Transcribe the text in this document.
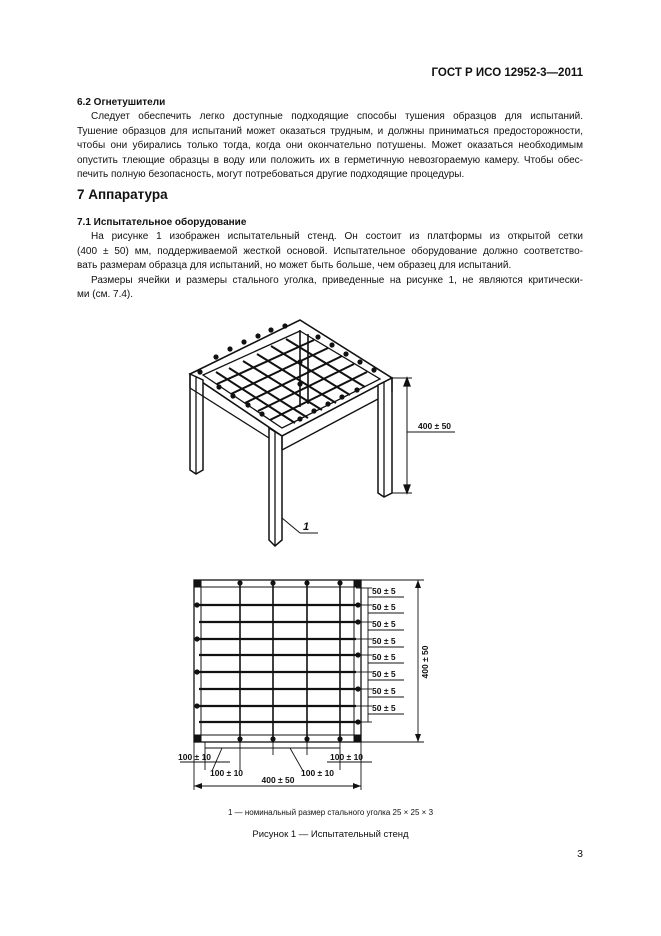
ГОСТ Р ИСО 12952-3—2011
6.2 Огнетушители
Следует обеспечить легко доступные подходящие способы тушения образцов для испытаний.
Тушение образцов для испытаний может оказаться трудным, и должны приниматься предосторожности,
чтобы они убирались только тогда, когда они окончательно потушены. Может оказаться необходимым
опустить тлеющие образцы в воду или положить их в герметичную невозгораемую камеру. Чтобы обес-
печить полную безопасность, могут потребоваться другие подходящие процедуры.
7 Аппаратура
7.1 Испытательное оборудование
На рисунке 1 изображен испытательный стенд. Он состоит из платформы из открытой сетки
(400 ± 50) мм, поддерживаемой жесткой основой. Испытательное оборудование должно соответство-
вать размерам образца для испытаний, но может быть больше, чем образец для испытаний.
Размеры ячейки и размеры стального уголка, приведенные на рисунке 1, не являются критически-
ми (см. 7.4).
400 ± 50
1
50 ± 5
50 ± 5
50 ± 5
50 ± 5
50 ± 5
50 ± 5
50 ± 5
50 ± 5
400 ± 50
100 ± 10
100 ± 10	100 ± 10
100 ± 10
400 ± 50
1 — номинальный размер стального уголка 25 × 25 × 3
Рисунок 1 — Испытательный стенд
3
